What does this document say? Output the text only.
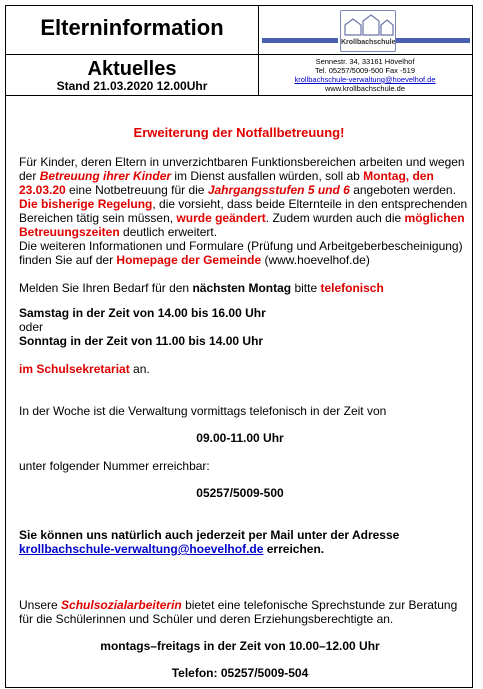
Elterninformation
Aktuelles
Stand 21.03.2020 12.00Uhr
Krollbachschule
Sennestr. 34, 33161 Hövelhof
Tel. 05257/5009-500 Fax -519
krollbachschule-verwaltung@hoevelhof.de
www.krollbachschule.de
Erweiterung der Notfallbetreuung!
Für Kinder, deren Eltern in unverzichtbaren Funktionsbereichen arbeiten und wegen
der Betreuung ihrer Kinder im Dienst ausfallen würden, soll ab Montag, den
23.03.20 eine Notbetreuung für die Jahrgangsstufen 5 und 6 angeboten werden.
Die bisherige Regelung, die vorsieht, dass beide Elternteile in den entsprechenden
Bereichen tätig sein müssen, wurde geändert. Zudem wurden auch die möglichen
Betreuungszeiten deutlich erweitert.
Die weiteren Informationen und Formulare (Prüfung und Arbeitgeberbescheinigung)
finden Sie auf der Homepage der Gemeinde (www.hoevelhof.de)
Melden Sie Ihren Bedarf für den nächsten Montag bitte telefonisch
Samstag in der Zeit von 14.00 bis 16.00 Uhr
oder
Sonntag in der Zeit von 11.00 bis 14.00 Uhr
im Schulsekretariat an.
In der Woche ist die Verwaltung vormittags telefonisch in der Zeit von
09.00-11.00 Uhr
unter folgender Nummer erreichbar:
05257/5009-500
Sie können uns natürlich auch jederzeit per Mail unter der Adresse
krollbachschule-verwaltung@hoevelhof.de erreichen.
Unsere Schulsozialarbeiterin bietet eine telefonische Sprechstunde zur Beratung
für die Schülerinnen und Schüler und deren Erziehungsberechtigte an.
montags–freitags in der Zeit von 10.00–12.00 Uhr
Telefon: 05257/5009-504
